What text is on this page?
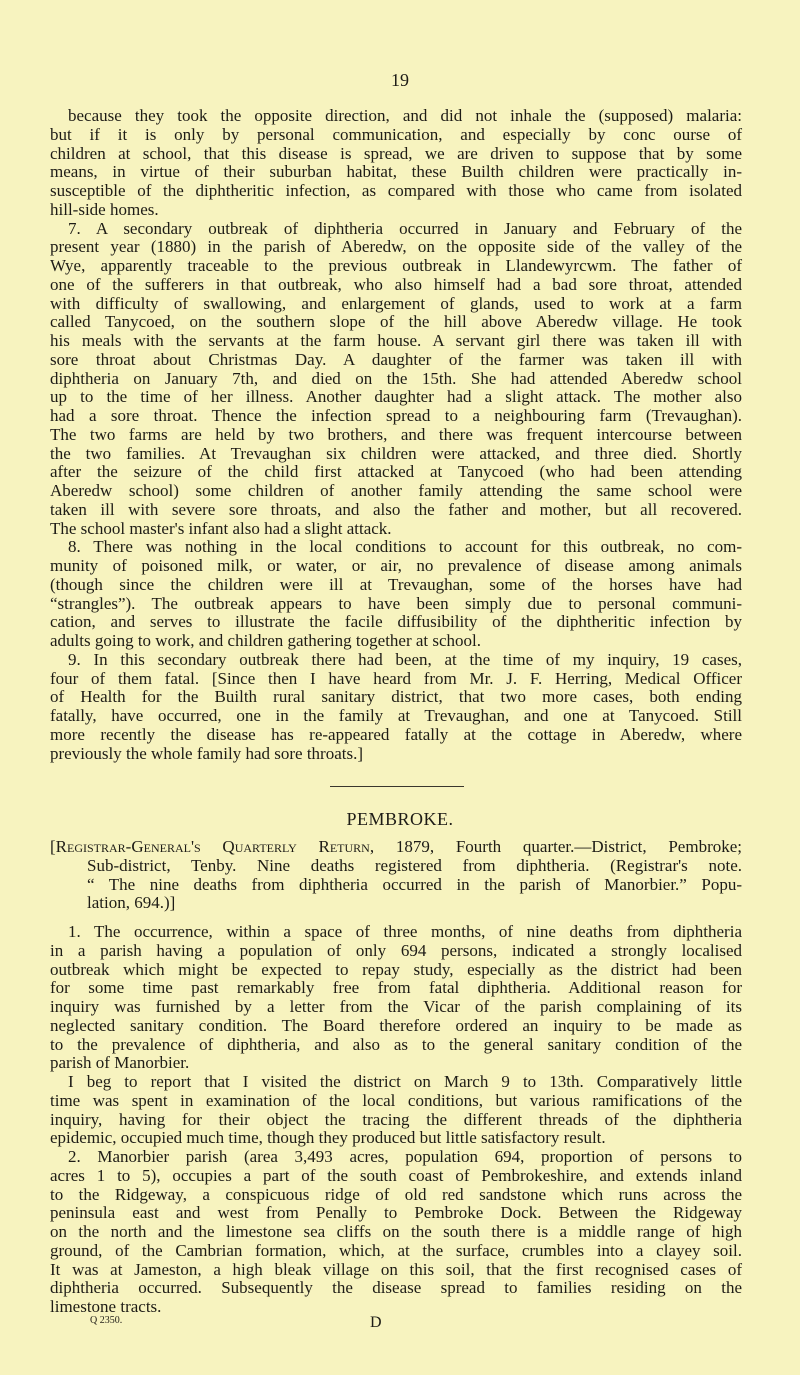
19
because they took the opposite direction, and did not inhale the (supposed) malaria:
but if it is only by personal communication, and especially by conc ourse of
children at school, that this disease is spread, we are driven to suppose that by some
means, in virtue of their suburban habitat, these Builth children were practically in-
susceptible of the diphtheritic infection, as compared with those who came from isolated
hill-side homes.
7. A secondary outbreak of diphtheria occurred in January and February of the
present year (1880) in the parish of Aberedw, on the opposite side of the valley of the
Wye, apparently traceable to the previous outbreak in Llandewyrcwm. The father of
one of the sufferers in that outbreak, who also himself had a bad sore throat, attended
with difficulty of swallowing, and enlargement of glands, used to work at a farm
called Tanycoed, on the southern slope of the hill above Aberedw village. He took
his meals with the servants at the farm house. A servant girl there was taken ill with
sore throat about Christmas Day. A daughter of the farmer was taken ill with
diphtheria on January 7th, and died on the 15th. She had attended Aberedw school
up to the time of her illness. Another daughter had a slight attack. The mother also
had a sore throat. Thence the infection spread to a neighbouring farm (Trevaughan).
The two farms are held by two brothers, and there was frequent intercourse between
the two families. At Trevaughan six children were attacked, and three died. Shortly
after the seizure of the child first attacked at Tanycoed (who had been attending
Aberedw school) some children of another family attending the same school were
taken ill with severe sore throats, and also the father and mother, but all recovered.
The school master's infant also had a slight attack.
8. There was nothing in the local conditions to account for this outbreak, no com-
munity of poisoned milk, or water, or air, no prevalence of disease among animals
(though since the children were ill at Trevaughan, some of the horses have had
“strangles”). The outbreak appears to have been simply due to personal communi-
cation, and serves to illustrate the facile diffusibility of the diphtheritic infection by
adults going to work, and children gathering together at school.
9. In this secondary outbreak there had been, at the time of my inquiry, 19 cases,
four of them fatal. [Since then I have heard from Mr. J. F. Herring, Medical Officer
of Health for the Builth rural sanitary district, that two more cases, both ending
fatally, have occurred, one in the family at Trevaughan, and one at Tanycoed. Still
more recently the disease has re-appeared fatally at the cottage in Aberedw, where
previously the whole family had sore throats.]
PEMBROKE.
[Registrar-General's Quarterly Return, 1879, Fourth quarter.—District, Pembroke;
Sub-district, Tenby. Nine deaths registered from diphtheria. (Registrar's note.
“ The nine deaths from diphtheria occurred in the parish of Manorbier.” Popu-
lation, 694.)]
1. The occurrence, within a space of three months, of nine deaths from diphtheria
in a parish having a population of only 694 persons, indicated a strongly localised
outbreak which might be expected to repay study, especially as the district had been
for some time past remarkably free from fatal diphtheria. Additional reason for
inquiry was furnished by a letter from the Vicar of the parish complaining of its
neglected sanitary condition. The Board therefore ordered an inquiry to be made as
to the prevalence of diphtheria, and also as to the general sanitary condition of the
parish of Manorbier.
I beg to report that I visited the district on March 9 to 13th. Comparatively little
time was spent in examination of the local conditions, but various ramifications of the
inquiry, having for their object the tracing the different threads of the diphtheria
epidemic, occupied much time, though they produced but little satisfactory result.
2. Manorbier parish (area 3,493 acres, population 694, proportion of persons to
acres 1 to 5), occupies a part of the south coast of Pembrokeshire, and extends inland
to the Ridgeway, a conspicuous ridge of old red sandstone which runs across the
peninsula east and west from Penally to Pembroke Dock. Between the Ridgeway
on the north and the limestone sea cliffs on the south there is a middle range of high
ground, of the Cambrian formation, which, at the surface, crumbles into a clayey soil.
It was at Jameston, a high bleak village on this soil, that the first recognised cases of
diphtheria occurred. Subsequently the disease spread to families residing on the
limestone tracts.
Q 2350.	D
